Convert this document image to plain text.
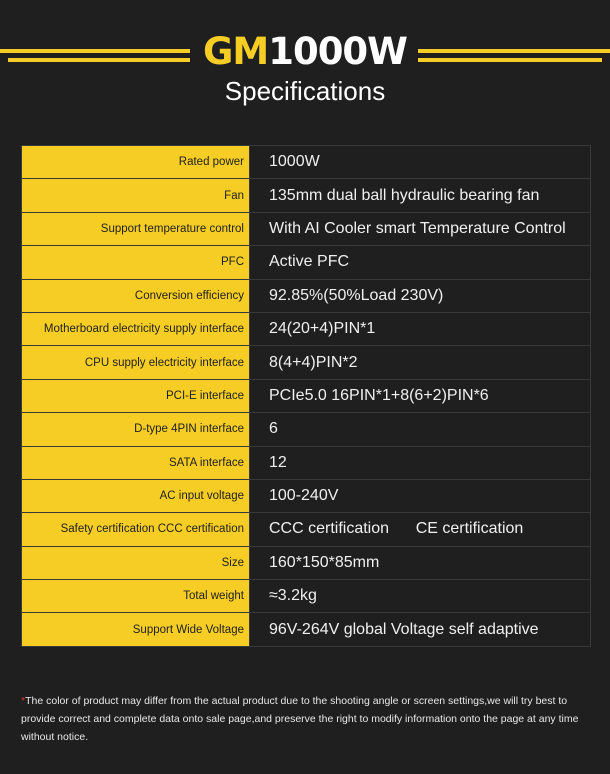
GM1000W
Specifications
Rated power	1000W
Fan	135mm dual ball hydraulic bearing fan
Support temperature control	With AI Cooler smart Temperature Control
PFC	Active PFC
Conversion efficiency	92.85%(50%Load 230V)
Motherboard electricity supply interface	24(20+4)PIN*1
CPU supply electricity interface	8(4+4)PIN*2
PCI-E interface	PCIe5.0 16PIN*1+8(6+2)PIN*6
D-type 4PIN interface	6
SATA interface	12
AC input voltage	100-240V
Safety certification CCC certification	CCC certification      CE certification
Size	160*150*85mm
Total weight	≈3.2kg
Support Wide Voltage	96V-264V global Voltage self adaptive
*The color of product may differ from the actual product due to the shooting angle or screen settings,we will try best to provide correct and complete data onto sale page,and preserve the right to modify information onto the page at any time without notice.
